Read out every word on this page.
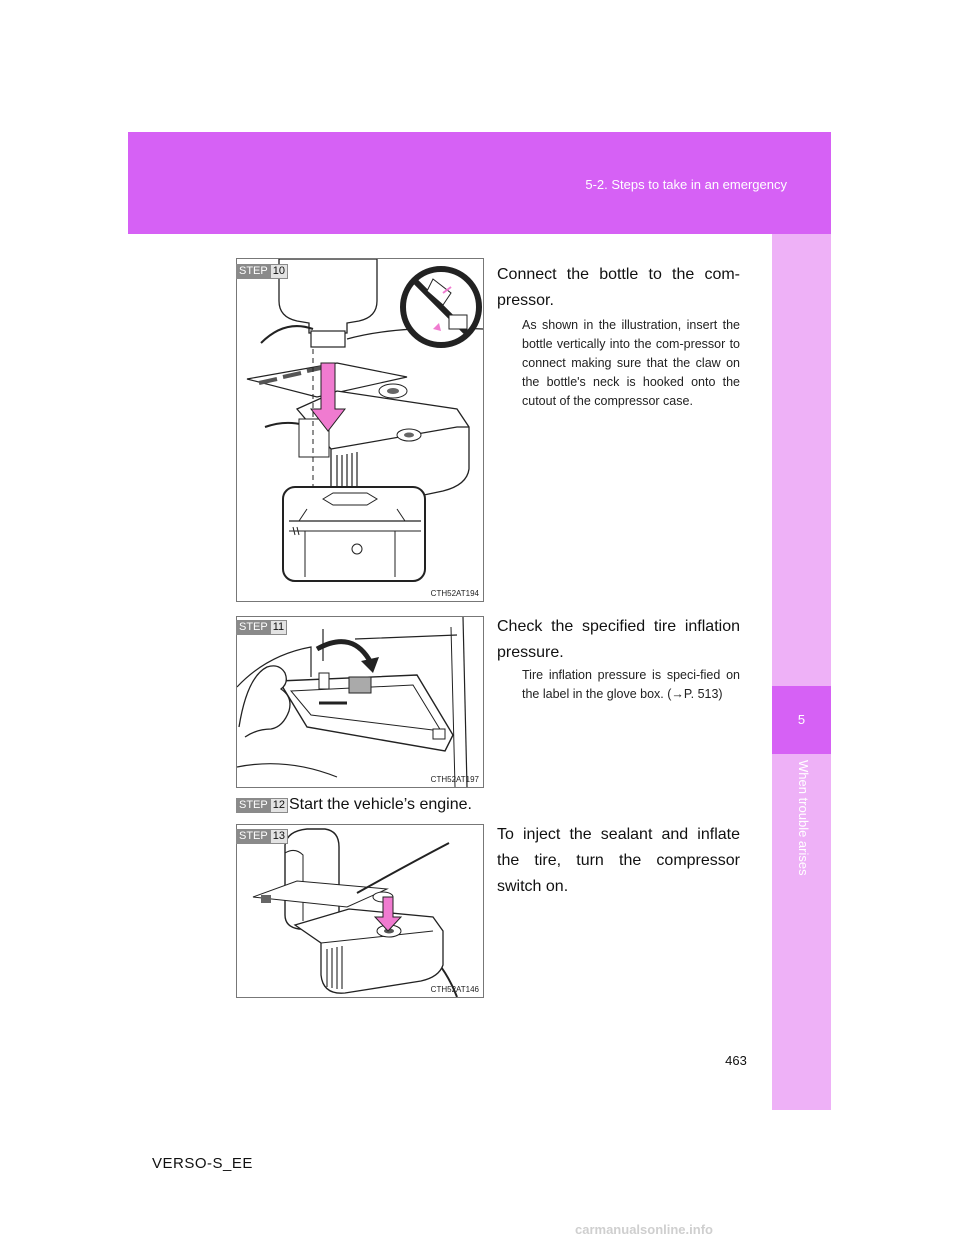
5-2. Steps to take in an emergency
5
When trouble arises
CTH52AT194
STEP 10	Connect the bottle to the com-pressor.
As shown in the illustration, insert the bottle vertically into the com-pressor to connect making sure that the claw on the bottle's neck is hooked onto the cutout of the compressor case.
CTH52AT197
STEP 11	Check the specified tire inflation pressure.
Tire inflation pressure is speci-fied on the label in the glove box. (→P. 513)
STEP 12 Start the vehicle’s engine.
CTH52AT146
STEP 13	To inject the sealant and inflate the tire, turn the compressor switch on.
463
VERSO-S_EE
carmanualsonline.info
